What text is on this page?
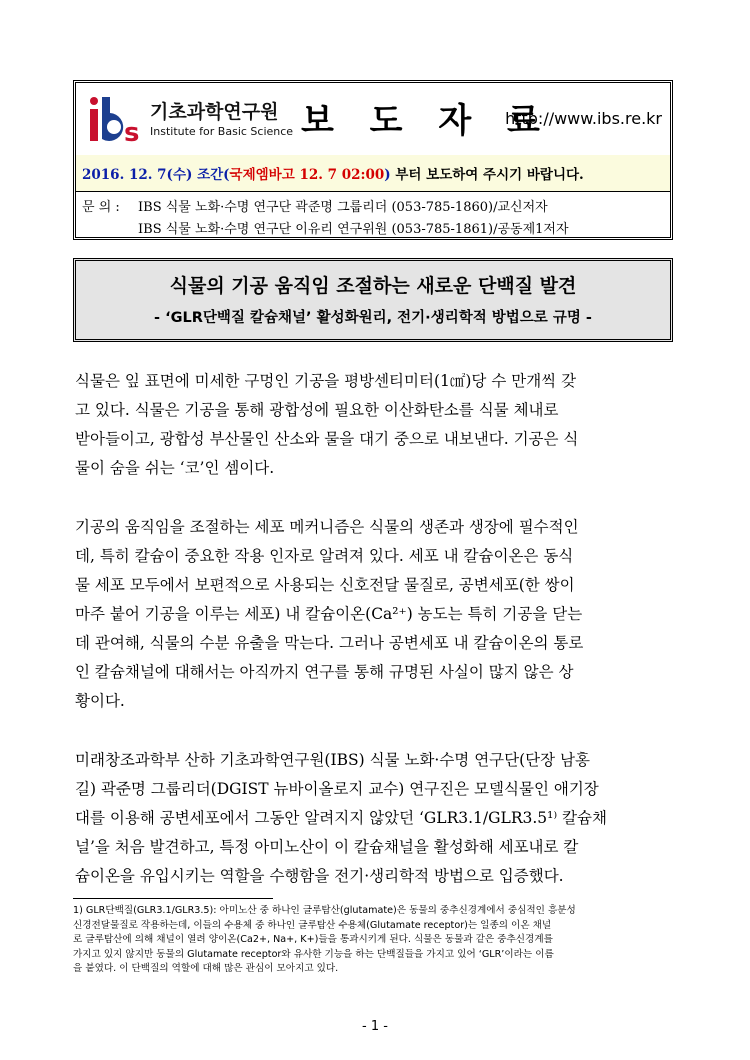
s
기초과학연구원
Institute for Basic Science 보 도 자 료
http://www.ibs.re.kr
2016. 12. 7(수) 조간(국제엠바고 12. 7 02:00) 부터 보도하여 주시기 바랍니다.
문 의 : IBS 식물 노화·수명 연구단 곽준명 그룹리더 (053-785-1860)/교신저자
IBS 식물 노화·수명 연구단 이유리 연구위원 (053-785-1861)/공동제1저자
식물의 기공 움직임 조절하는 새로운 단백질 발견
- ‘GLR단백질 칼슘채널’ 활성화원리, 전기·생리학적 방법으로 규명 -

식물은 잎 표면에 미세한 구멍인 기공을 평방센티미터(1㎠)당 수 만개씩 갖
고 있다. 식물은 기공을 통해 광합성에 필요한 이산화탄소를 식물 체내로
받아들이고, 광합성 부산물인 산소와 물을 대기 중으로 내보낸다. 기공은 식
물이 숨을 쉬는 ‘코’인 셈이다.

기공의 움직임을 조절하는 세포 메커니즘은 식물의 생존과 생장에 필수적인
데, 특히 칼슘이 중요한 작용 인자로 알려져 있다. 세포 내 칼슘이온은 동식
물 세포 모두에서 보편적으로 사용되는 신호전달 물질로, 공변세포(한 쌍이
마주 붙어 기공을 이루는 세포) 내 칼슘이온(Ca²⁺) 농도는 특히 기공을 닫는
데 관여해, 식물의 수분 유출을 막는다. 그러나 공변세포 내 칼슘이온의 통로
인 칼슘채널에 대해서는 아직까지 연구를 통해 규명된 사실이 많지 않은 상
황이다.

미래창조과학부 산하 기초과학연구원(IBS) 식물 노화·수명 연구단(단장 남홍
길) 곽준명 그룹리더(DGIST 뉴바이올로지 교수) 연구진은 모델식물인 애기장
대를 이용해 공변세포에서 그동안 알려지지 않았던 ‘GLR3.1/GLR3.5¹⁾ 칼슘채
널’을 처음 발견하고, 특정 아미노산이 이 칼슘채널을 활성화해 세포내로 칼
슘이온을 유입시키는 역할을 수행함을 전기·생리학적 방법으로 입증했다.

1) GLR단백질(GLR3.1/GLR3.5): 아미노산 중 하나인 글루탐산(glutamate)은 동물의 중추신경계에서 중심적인 흥분성
신경전달물질로 작용하는데, 이들의 수용체 중 하나인 글루탐산 수용체(Glutamate receptor)는 일종의 이온 채널
로 글루탐산에 의해 채널이 열려 양이온(Ca2+, Na+, K+)들을 통과시키게 된다. 식물은 동물과 같은 중추신경계를
가지고 있지 않지만 동물의 Glutamate receptor와 유사한 기능을 하는 단백질들을 가지고 있어 ‘GLR’이라는 이름
을 붙였다. 이 단백질의 역할에 대해 많은 관심이 모아지고 있다.
- 1 -
